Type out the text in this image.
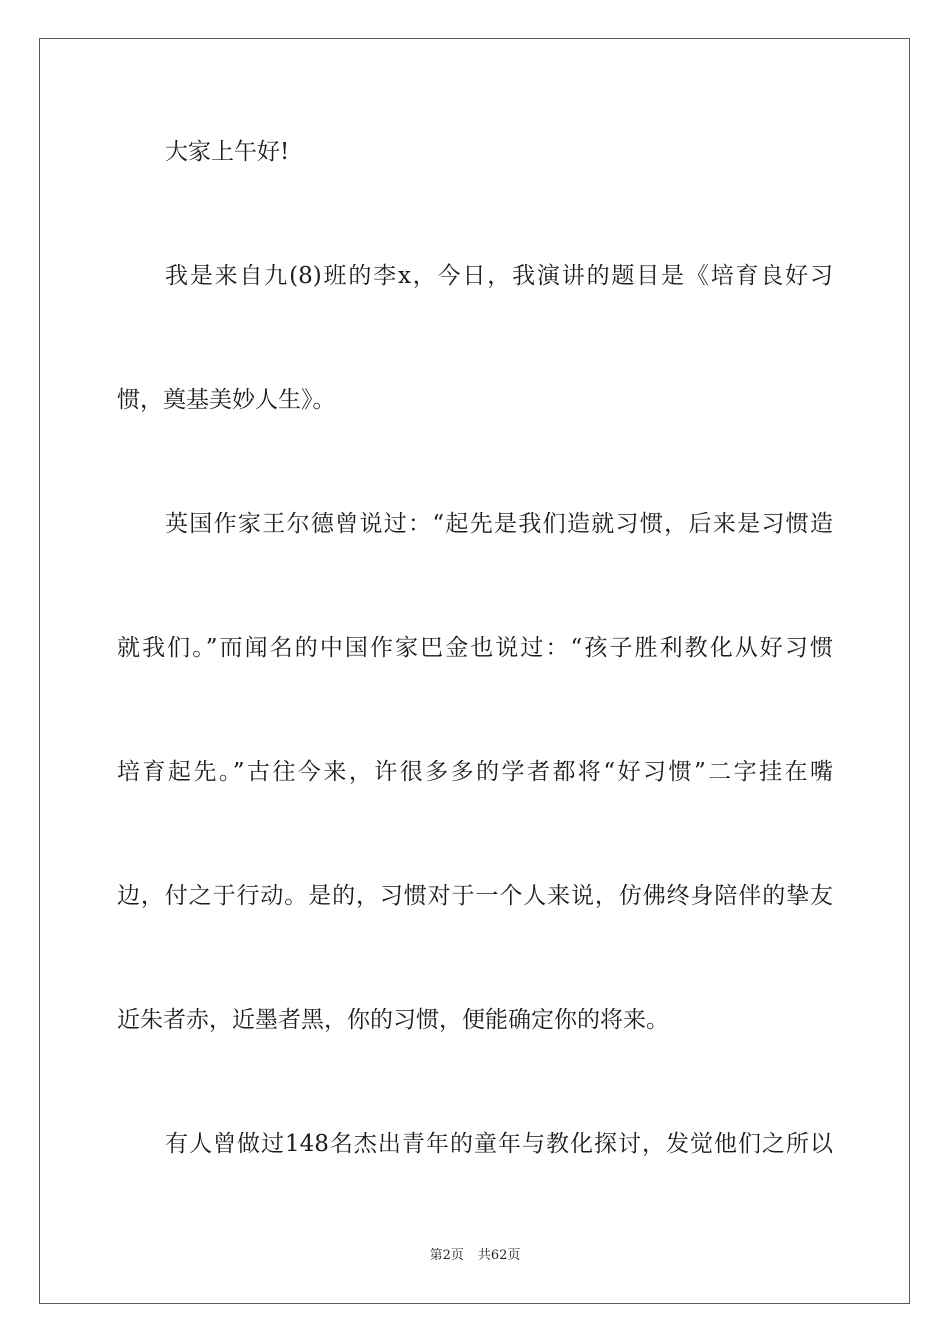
大家上午好!
我是来自九(8)班的李x，今日，我演讲的题目是《培育良好习
惯，奠基美妙人生》。
英国作家王尔德曾说过：“起先是我们造就习惯，后来是习惯造
就我们。”而闻名的中国作家巴金也说过：“孩子胜利教化从好习惯
培育起先。”古往今来，许很多多的学者都将“好习惯”二字挂在嘴
边，付之于行动。是的，习惯对于一个人来说，仿佛终身陪伴的挚友
近朱者赤，近墨者黑，你的习惯，便能确定你的将来。
有人曾做过148名杰出青年的童年与教化探讨，发觉他们之所以
第2页 共62页
